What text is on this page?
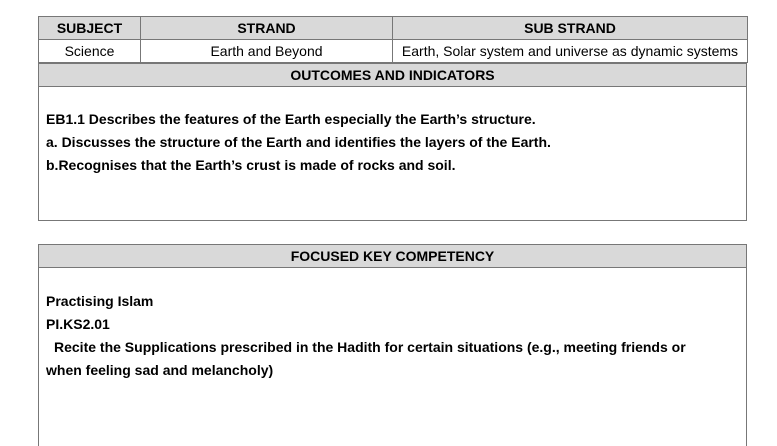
SUBJECT	STRAND	SUB STRAND
Science	Earth and Beyond	Earth, Solar system and universe as dynamic systems
OUTCOMES AND INDICATORS
EB1.1 Describes the features of the Earth especially the Earth’s structure.
a. Discusses the structure of the Earth and identifies the layers of the Earth.
b.Recognises that the Earth’s crust is made of rocks and soil.
FOCUSED KEY COMPETENCY
Practising Islam
PI.KS2.01
Recite the Supplications prescribed in the Hadith for certain situations (e.g., meeting friends or
when feeling sad and melancholy)
